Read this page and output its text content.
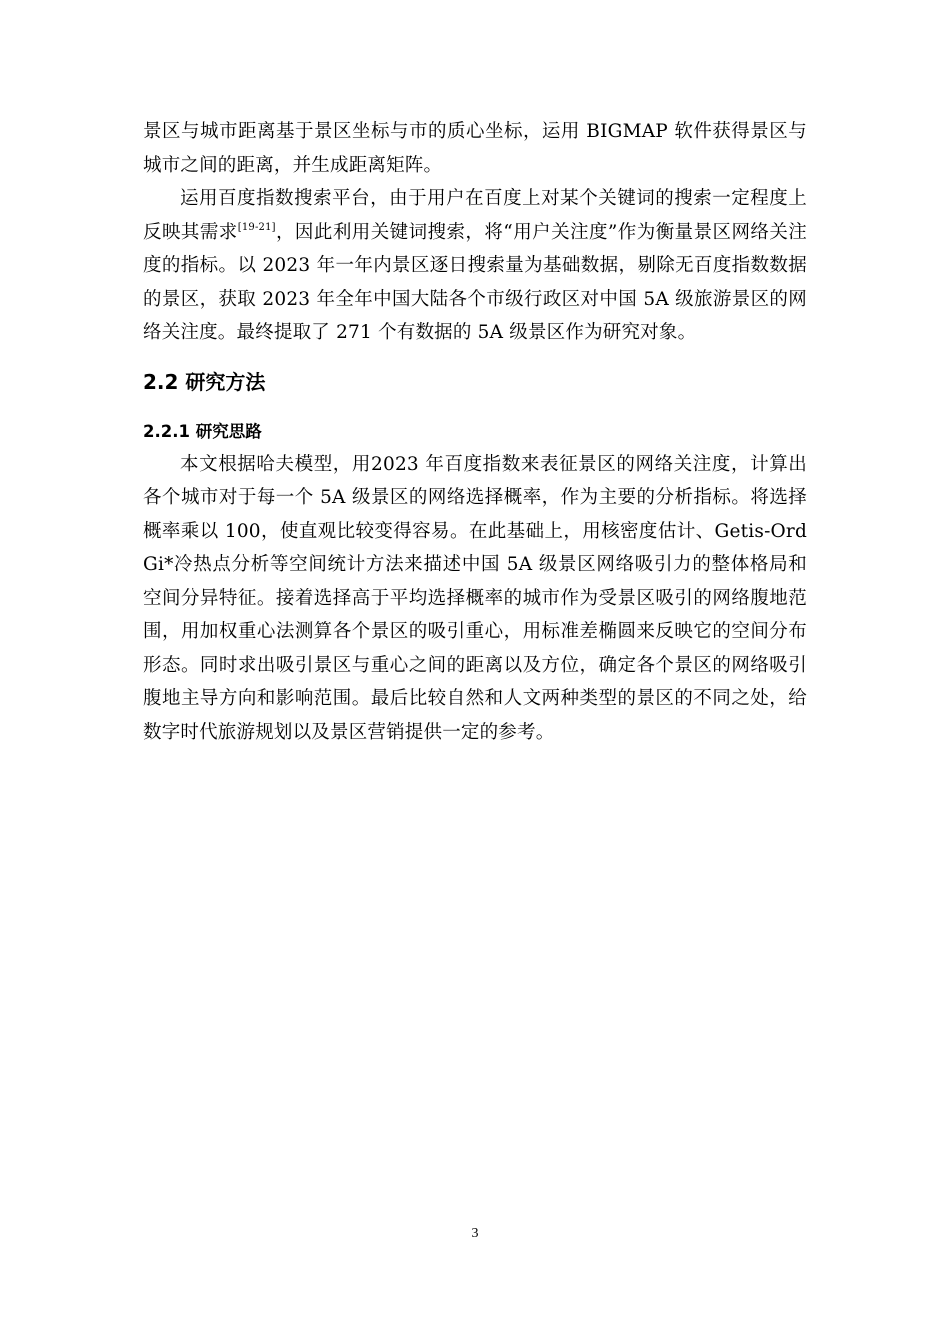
景区与城市距离基于景区坐标与市的质心坐标，运用 BIGMAP 软件获得景区与城市之间的距离，并生成距离矩阵。

运用百度指数搜索平台，由于用户在百度上对某个关键词的搜索一定程度上反映其需求[19-21]，因此利用关键词搜索，将“用户关注度”作为衡量景区网络关注度的指标。以 2023 年一年内景区逐日搜索量为基础数据，剔除无百度指数数据的景区，获取 2023 年全年中国大陆各个市级行政区对中国 5A 级旅游景区的网络关注度。最终提取了 271 个有数据的 5A 级景区作为研究对象。

2.2 研究方法
2.2.1 研究思路

本文根据哈夫模型，用2023 年百度指数来表征景区的网络关注度，计算出各个城市对于每一个 5A 级景区的网络选择概率，作为主要的分析指标。将选择概率乘以 100，使直观比较变得容易。在此基础上，用核密度估计、Getis-Ord Gi*冷热点分析等空间统计方法来描述中国 5A 级景区网络吸引力的整体格局和空间分异特征。接着选择高于平均选择概率的城市作为受景区吸引的网络腹地范围，用加权重心法测算各个景区的吸引重心，用标准差椭圆来反映它的空间分布形态。同时求出吸引景区与重心之间的距离以及方位，确定各个景区的网络吸引腹地主导方向和影响范围。最后比较自然和人文两种类型的景区的不同之处，给数字时代旅游规划以及景区营销提供一定的参考。

3
